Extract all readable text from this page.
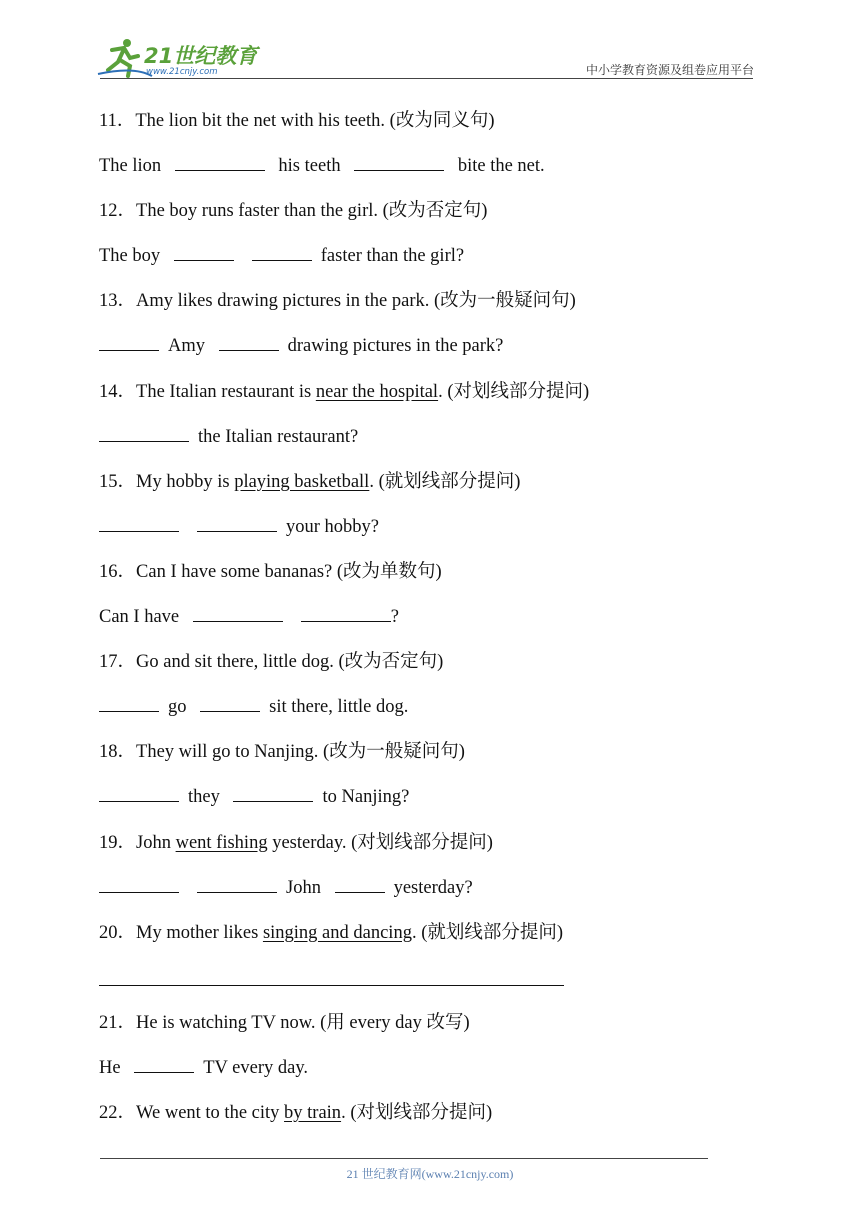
21世纪教育
www.21cnjy.com	中小学教育资源及组卷应用平台
11．The lion bit the net with his teeth. (改为同义句)
The lion	his teeth	bite the net.
12．The boy runs faster than the girl. (改为否定句)
The boy	faster than the girl?
13．Amy likes drawing pictures in the park. (改为一般疑问句)
Amy	drawing pictures in the park?
14．The Italian restaurant is near the hospital. (对划线部分提问)
the Italian restaurant?
15．My hobby is playing basketball. (就划线部分提问)
your hobby?
16．Can I have some bananas? (改为单数句)
Can I have	?
17．Go and sit there, little dog. (改为否定句)
go	sit there, little dog.
18．They will go to Nanjing. (改为一般疑问句)
they	to Nanjing?
19．John went fishing yesterday. (对划线部分提问)
John	yesterday?
20．My mother likes singing and dancing. (就划线部分提问)
21．He is watching TV now. (用 every day 改写)
He	TV every day.
22．We went to the city by train. (对划线部分提问)
21 世纪教育网(www.21cnjy.com)
